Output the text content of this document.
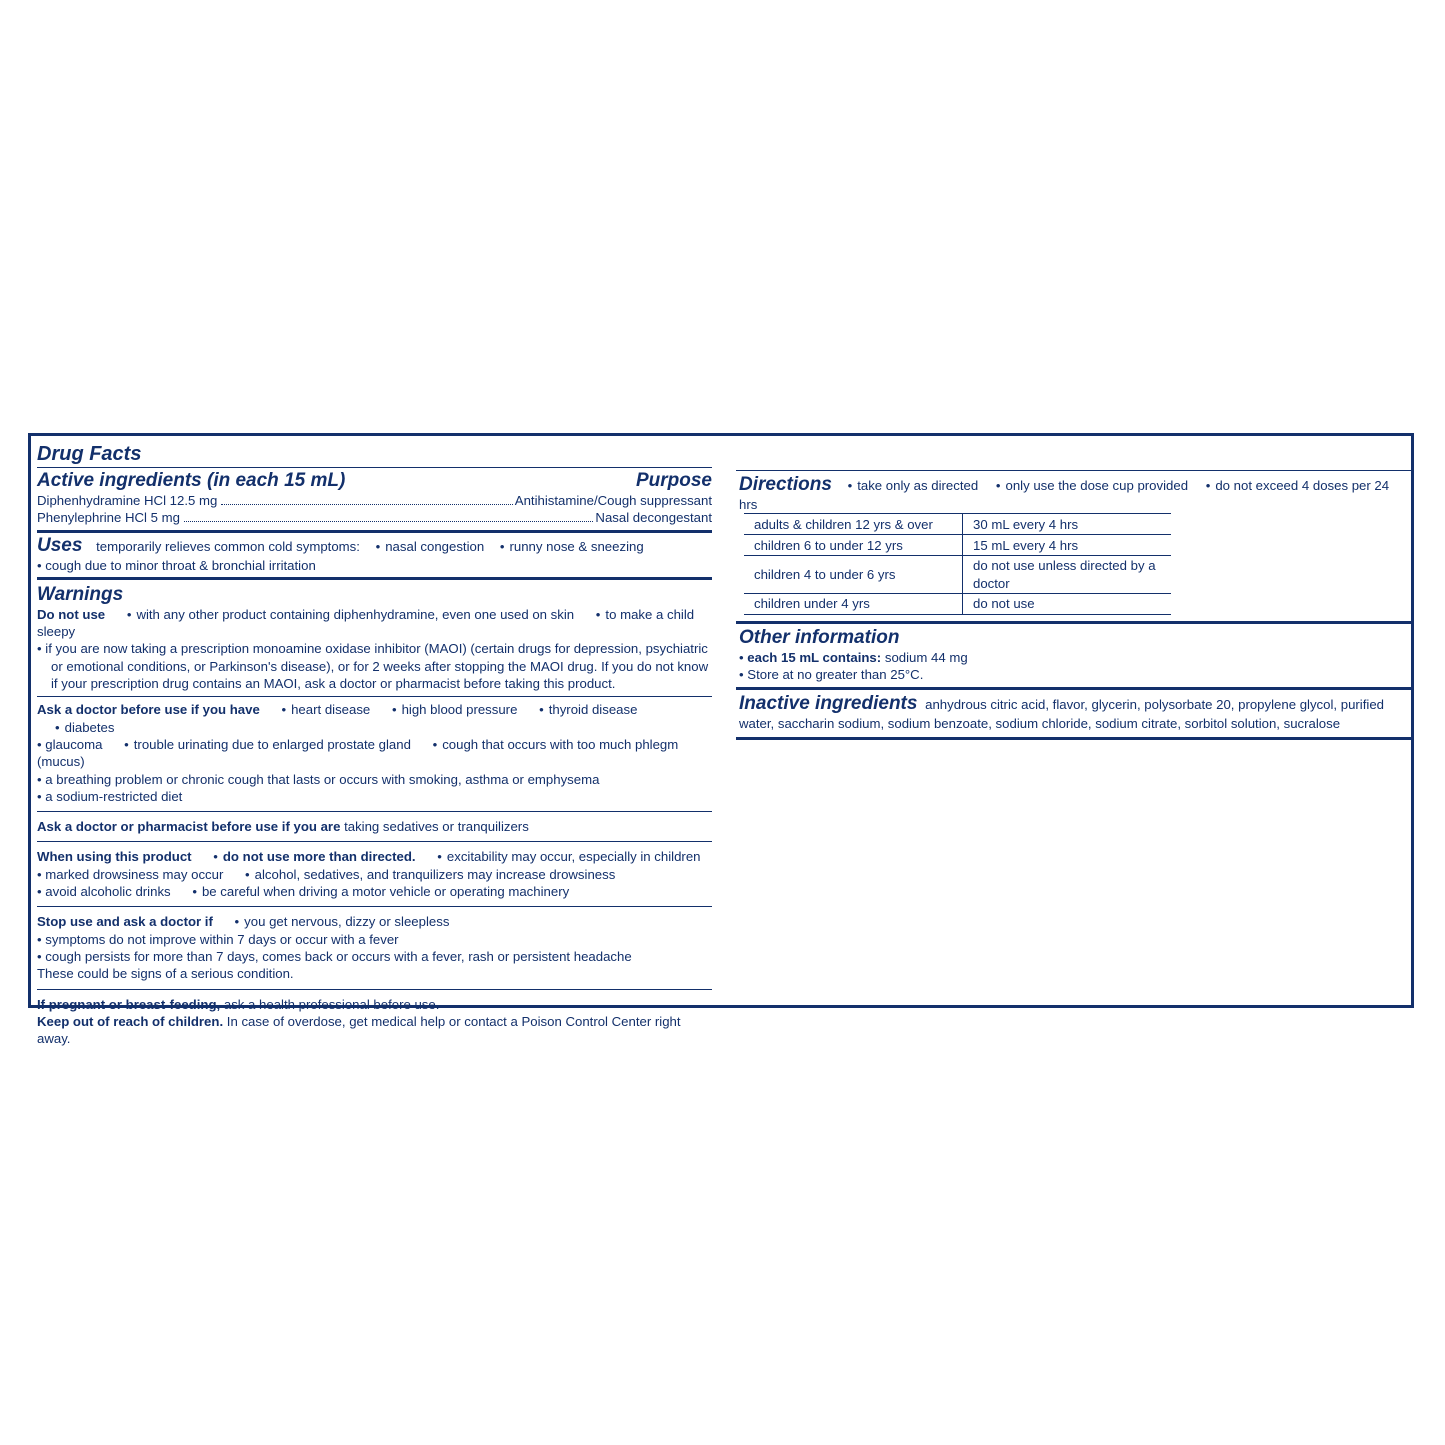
Drug Facts
Active ingredients (in each 15 mL)	Purpose
Diphenhydramine HCl 12.5 mg	Antihistamine/Cough suppressant
Phenylephrine HCl 5 mg	Nasal decongestant
Uses temporarily relieves common cold symptoms: • nasal congestion • runny nose & sneezing
• cough due to minor throat & bronchial irritation
Warnings
Do not use • with any other product containing diphenhydramine, even one used on skin • to make a child sleepy
• if you are now taking a prescription monoamine oxidase inhibitor (MAOI) (certain drugs for depression, psychiatric or emotional conditions, or Parkinson's disease), or for 2 weeks after stopping the MAOI drug. If you do not know if your prescription drug contains an MAOI, ask a doctor or pharmacist before taking this product.
Ask a doctor before use if you have • heart disease • high blood pressure • thyroid disease • diabetes
• glaucoma • trouble urinating due to enlarged prostate gland • cough that occurs with too much phlegm (mucus)
• a breathing problem or chronic cough that lasts or occurs with smoking, asthma or emphysema
• a sodium-restricted diet
Ask a doctor or pharmacist before use if you are taking sedatives or tranquilizers
When using this product • do not use more than directed. • excitability may occur, especially in children
• marked drowsiness may occur • alcohol, sedatives, and tranquilizers may increase drowsiness
• avoid alcoholic drinks • be careful when driving a motor vehicle or operating machinery
Stop use and ask a doctor if • you get nervous, dizzy or sleepless
• symptoms do not improve within 7 days or occur with a fever
• cough persists for more than 7 days, comes back or occurs with a fever, rash or persistent headache
These could be signs of a serious condition.
If pregnant or breast-feeding, ask a health professional before use.
Keep out of reach of children. In case of overdose, get medical help or contact a Poison Control Center right away.
Directions • take only as directed • only use the dose cup provided • do not exceed 4 doses per 24 hrs
adults & children 12 yrs & over	30 mL every 4 hrs
children 6 to under 12 yrs	15 mL every 4 hrs
children 4 to under 6 yrs	do not use unless directed by a doctor
children under 4 yrs	do not use
Other information
• each 15 mL contains: sodium 44 mg
• Store at no greater than 25°C.
Inactive ingredients anhydrous citric acid, flavor, glycerin, polysorbate 20, propylene glycol, purified water, saccharin sodium, sodium benzoate, sodium chloride, sodium citrate, sorbitol solution, sucralose
